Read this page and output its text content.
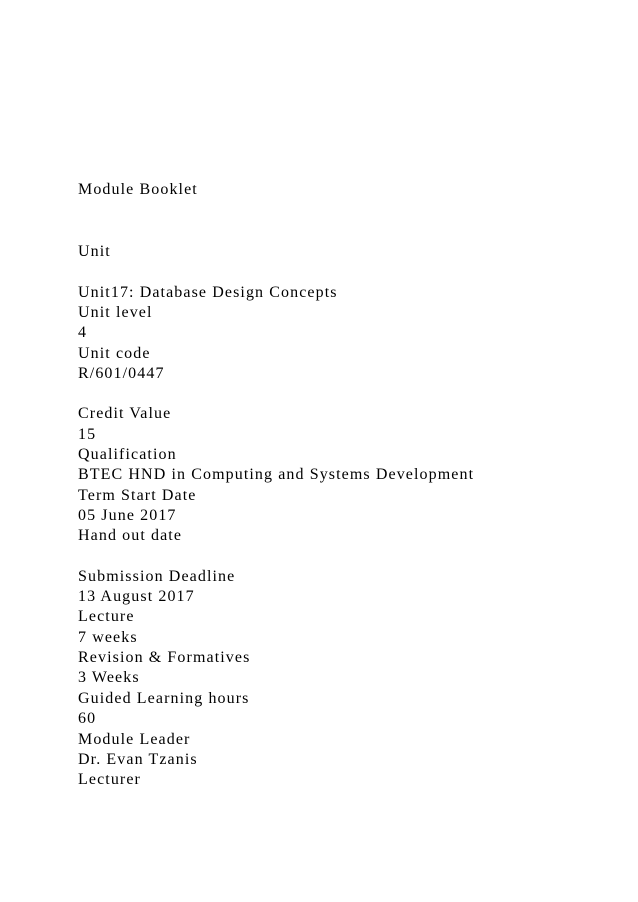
Module Booklet
Unit
Unit17: Database Design Concepts
Unit level
4
Unit code
R/601/0447
Credit Value
15
Qualification
BTEC HND in Computing and Systems Development
Term Start Date
05 June 2017
Hand out date
Submission Deadline
13 August 2017
Lecture
7 weeks
Revision & Formatives
3 Weeks
Guided Learning hours
60
Module Leader
Dr. Evan Tzanis
Lecturer
